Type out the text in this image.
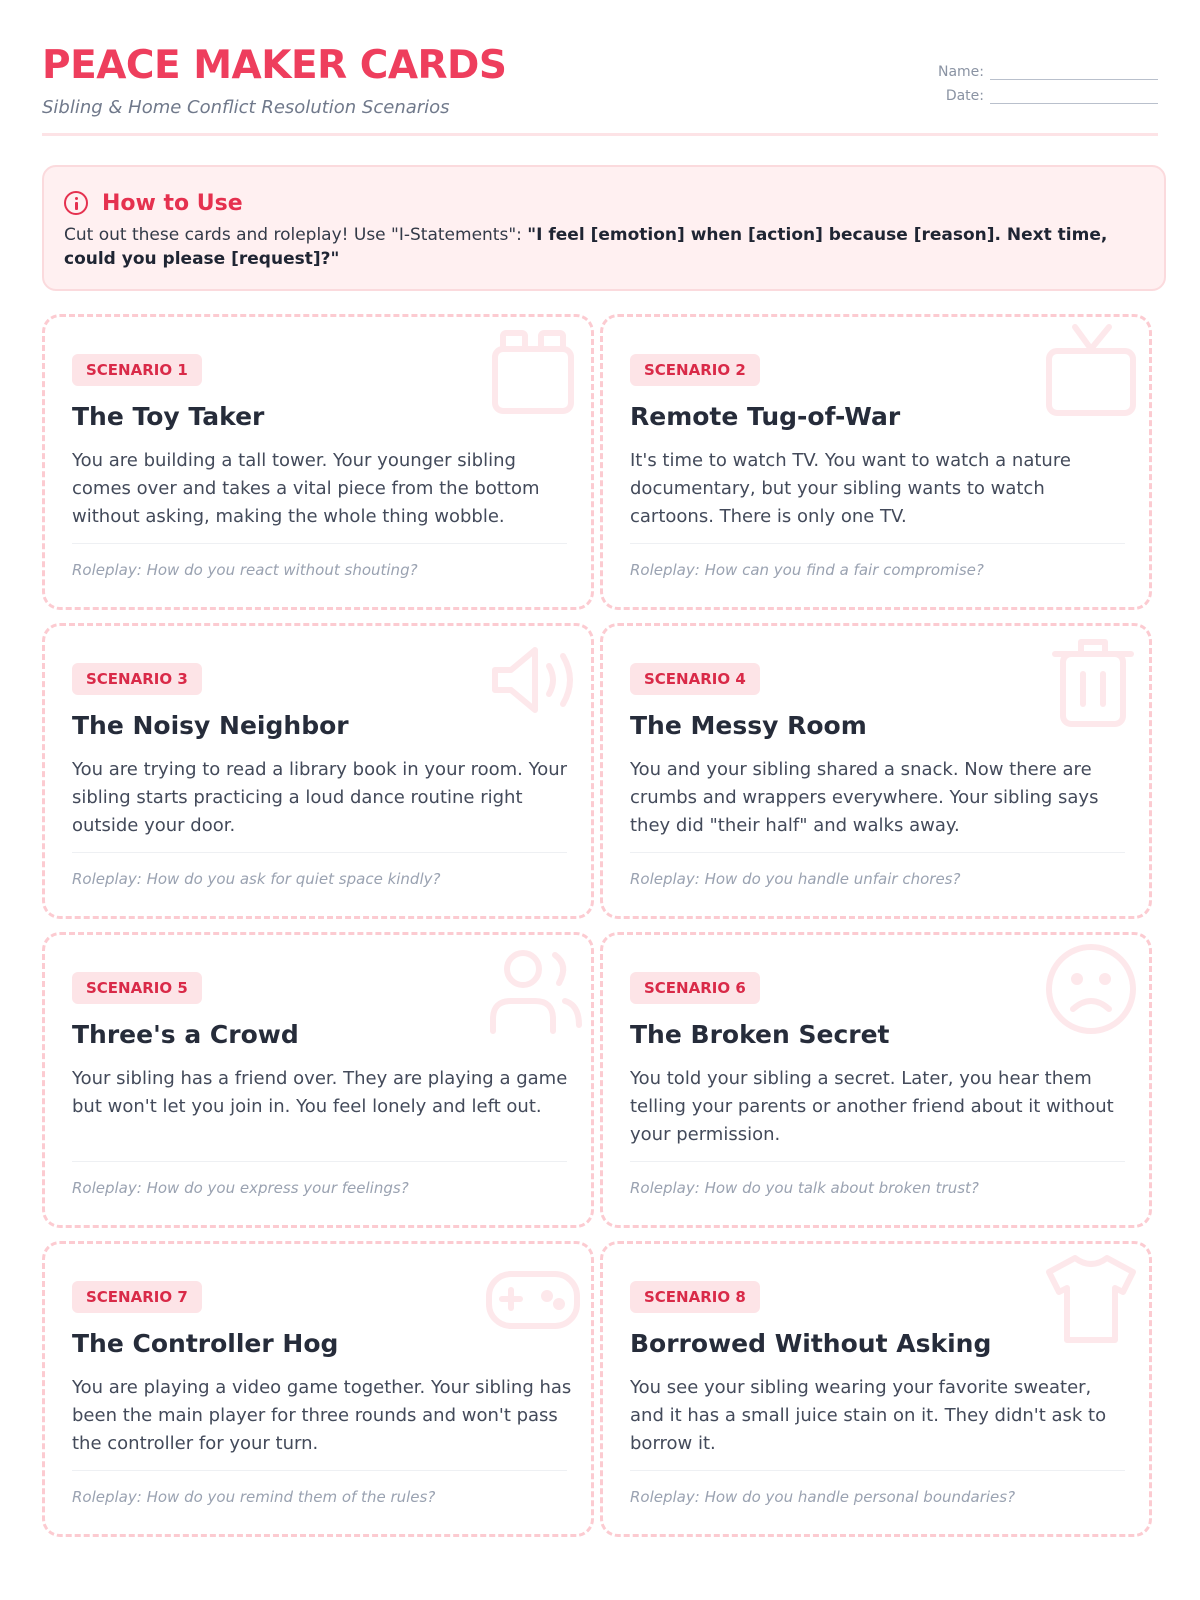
PEACE MAKER CARDS
Sibling & Home Conflict Resolution Scenarios
Name:
Date:
How to Use
Cut out these cards and roleplay! Use "I-Statements": "I feel [emotion] when [action] because [reason]. Next time, could you please [request]?"
SCENARIO 1
The Toy Taker
You are building a tall tower. Your younger sibling comes over and takes a vital piece from the bottom without asking, making the whole thing wobble.
Roleplay: How do you react without shouting?
SCENARIO 2
Remote Tug-of-War
It's time to watch TV. You want to watch a nature documentary, but your sibling wants to watch cartoons. There is only one TV.
Roleplay: How can you find a fair compromise?
SCENARIO 3
The Noisy Neighbor
You are trying to read a library book in your room. Your sibling starts practicing a loud dance routine right outside your door.
Roleplay: How do you ask for quiet space kindly?
SCENARIO 4
The Messy Room
You and your sibling shared a snack. Now there are crumbs and wrappers everywhere. Your sibling says they did "their half" and walks away.
Roleplay: How do you handle unfair chores?
SCENARIO 5
Three's a Crowd
Your sibling has a friend over. They are playing a game but won't let you join in. You feel lonely and left out.
Roleplay: How do you express your feelings?
SCENARIO 6
The Broken Secret
You told your sibling a secret. Later, you hear them telling your parents or another friend about it without your permission.
Roleplay: How do you talk about broken trust?
SCENARIO 7
The Controller Hog
You are playing a video game together. Your sibling has been the main player for three rounds and won't pass the controller for your turn.
Roleplay: How do you remind them of the rules?
SCENARIO 8
Borrowed Without Asking
You see your sibling wearing your favorite sweater, and it has a small juice stain on it. They didn't ask to borrow it.
Roleplay: How do you handle personal boundaries?
